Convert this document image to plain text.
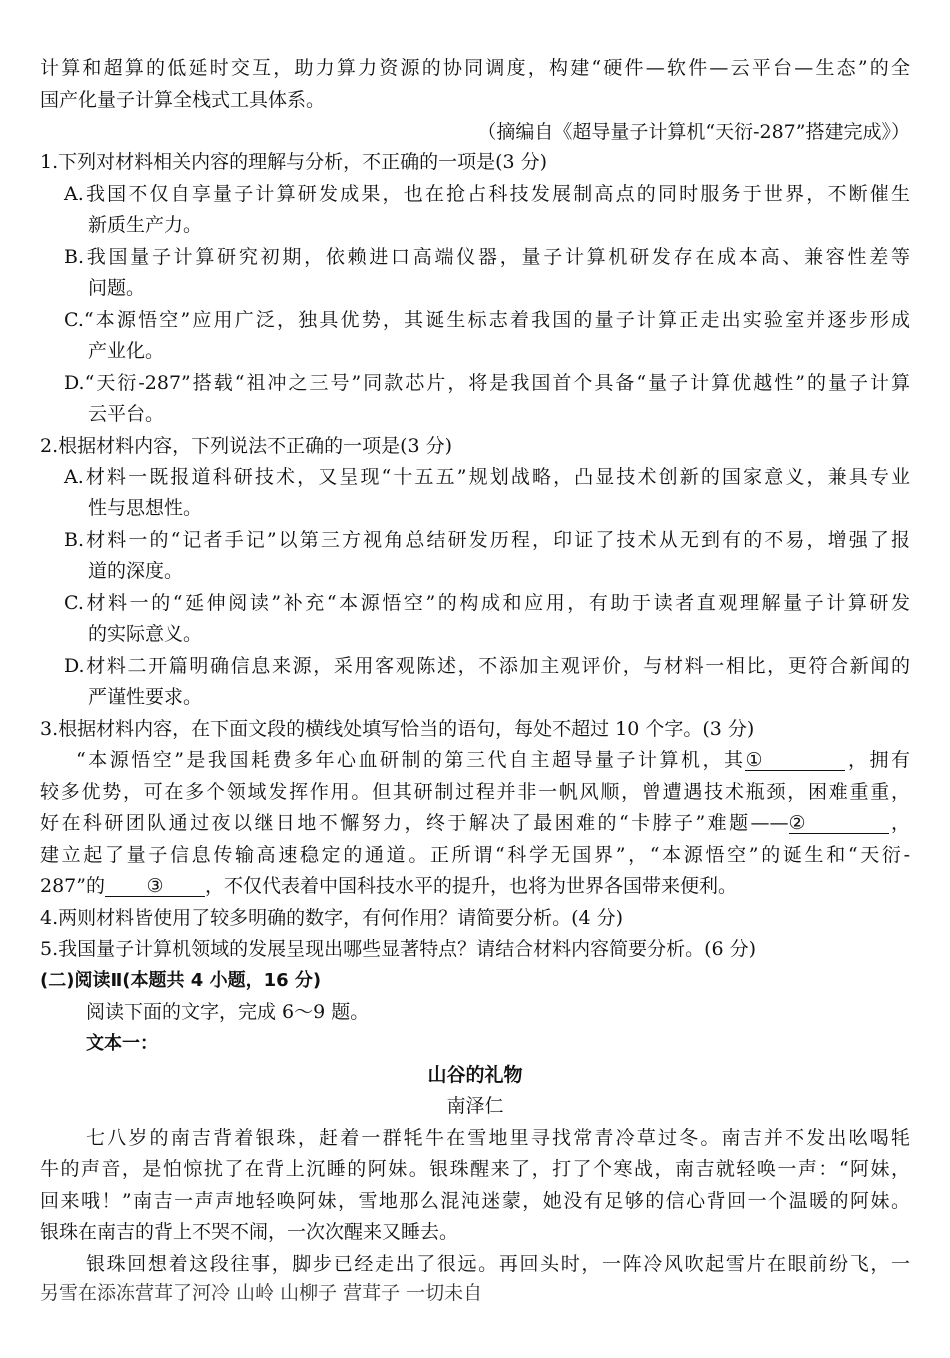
计算和超算的低延时交互，助力算力资源的协同调度，构建“硬件—软件—云平台—生态”的全
国产化量子计算全栈式工具体系。
（摘编自《超导量子计算机“天衍-287”搭建完成》）
1.下列对材料相关内容的理解与分析，不正确的一项是(3 分)
A.我国不仅自享量子计算研发成果，也在抢占科技发展制高点的同时服务于世界，不断催生
新质生产力。
B.我国量子计算研究初期，依赖进口高端仪器，量子计算机研发存在成本高、兼容性差等
问题。
C.“本源悟空”应用广泛，独具优势，其诞生标志着我国的量子计算正走出实验室并逐步形成
产业化。
D.“天衍-287”搭载“祖冲之三号”同款芯片，将是我国首个具备“量子计算优越性”的量子计算
云平台。
2.根据材料内容，下列说法不正确的一项是(3 分)
A.材料一既报道科研技术，又呈现“十五五”规划战略，凸显技术创新的国家意义，兼具专业
性与思想性。
B.材料一的“记者手记”以第三方视角总结研发历程，印证了技术从无到有的不易，增强了报
道的深度。
C.材料一的“延伸阅读”补充“本源悟空”的构成和应用，有助于读者直观理解量子计算研发
的实际意义。
D.材料二开篇明确信息来源，采用客观陈述，不添加主观评价，与材料一相比，更符合新闻的
严谨性要求。
3.根据材料内容，在下面文段的横线处填写恰当的语句，每处不超过 10 个字。(3 分)
“本源悟空”是我国耗费多年心血研制的第三代自主超导量子计算机，其①	，拥有
较多优势，可在多个领域发挥作用。但其研制过程并非一帆风顺，曾遭遇技术瓶颈，困难重重，
好在科研团队通过夜以继日地不懈努力，终于解决了最困难的“卡脖子”难题——②	，
建立起了量子信息传输高速稳定的通道。正所谓“科学无国界”，“本源悟空”的诞生和“天衍-
287”的 ③ ，不仅代表着中国科技水平的提升，也将为世界各国带来便利。
4.两则材料皆使用了较多明确的数字，有何作用？请简要分析。(4 分)
5.我国量子计算机领域的发展呈现出哪些显著特点？请结合材料内容简要分析。(6 分)
(二)阅读Ⅱ(本题共 4 小题，16 分)
阅读下面的文字，完成 6～9 题。
文本一：
山谷的礼物
南泽仁
七八岁的南吉背着银珠，赶着一群牦牛在雪地里寻找常青冷草过冬。南吉并不发出吆喝牦
牛的声音，是怕惊扰了在背上沉睡的阿妹。银珠醒来了，打了个寒战，南吉就轻唤一声：“阿妹，
回来哦！”南吉一声声地轻唤阿妹，雪地那么混沌迷蒙，她没有足够的信心背回一个温暖的阿妹。
银珠在南吉的背上不哭不闹，一次次醒来又睡去。
银珠回想着这段往事，脚步已经走出了很远。再回头时，一阵冷风吹起雪片在眼前纷飞，一
另雪在添冻营茸了河冷 山岭 山柳子 营茸子 一切未自
